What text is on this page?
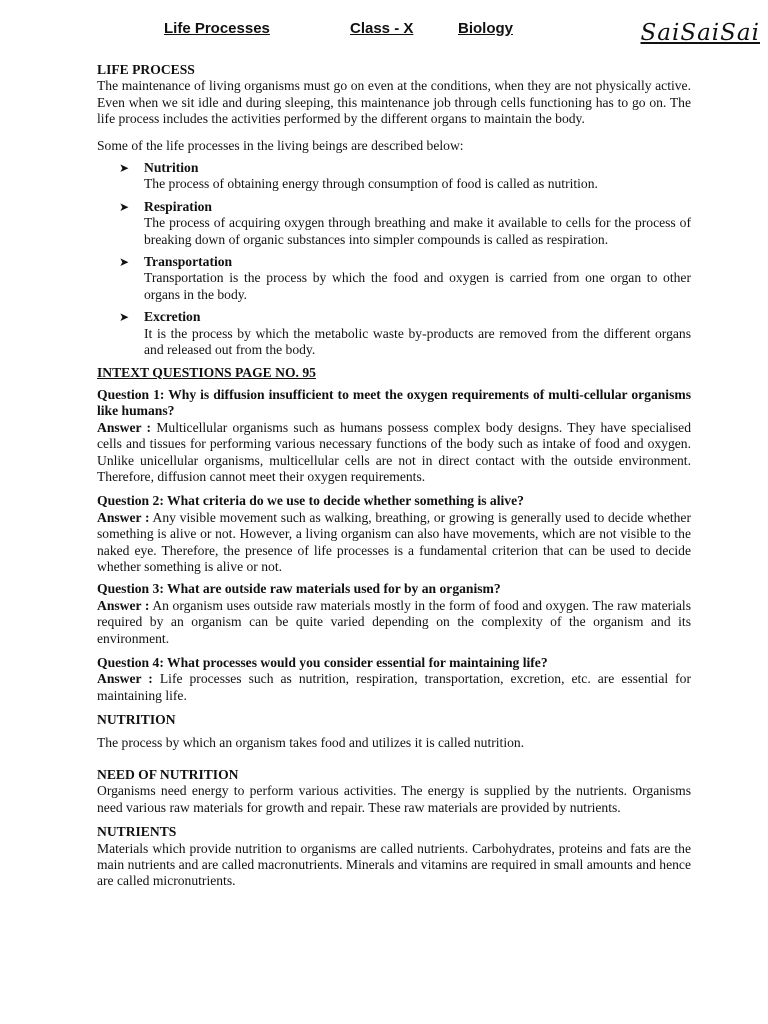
Life Processes	Class - X	Biology	SaiSaiSai

LIFE PROCESS

The maintenance of living organisms must go on even at the conditions, when they are not physically active. Even when we sit idle and during sleeping, this maintenance job through cells functioning has to go on. The life process includes the activities performed by the different organs to maintain the body.

Some of the life processes in the living beings are described below:

➤ Nutrition
The process of obtaining energy through consumption of food is called as nutrition.
➤ Respiration
The process of acquiring oxygen through breathing and make it available to cells for the process of breaking down of organic substances into simpler compounds is called as respiration.
➤ Transportation
Transportation is the process by which the food and oxygen is carried from one organ to other organs in the body.
➤ Excretion
It is the process by which the metabolic waste by-products are removed from the different organs and released out from the body.

INTEXT QUESTIONS PAGE NO. 95

Question 1: Why is diffusion insufficient to meet the oxygen requirements of multi-cellular organisms like humans?
Answer : Multicellular organisms such as humans possess complex body designs. They have specialised cells and tissues for performing various necessary functions of the body such as intake of food and oxygen. Unlike unicellular organisms, multicellular cells are not in direct contact with the outside environment. Therefore, diffusion cannot meet their oxygen requirements.

Question 2: What criteria do we use to decide whether something is alive?
Answer : Any visible movement such as walking, breathing, or growing is generally used to decide whether something is alive or not. However, a living organism can also have movements, which are not visible to the naked eye. Therefore, the presence of life processes is a fundamental criterion that can be used to decide whether something is alive or not.

Question 3: What are outside raw materials used for by an organism?
Answer : An organism uses outside raw materials mostly in the form of food and oxygen. The raw materials required by an organism can be quite varied depending on the complexity of the organism and its environment.

Question 4: What processes would you consider essential for maintaining life?
Answer : Life processes such as nutrition, respiration, transportation, excretion, etc. are essential for maintaining life.

NUTRITION

The process by which an organism takes food and utilizes it is called nutrition.

NEED OF NUTRITION

Organisms need energy to perform various activities. The energy is supplied by the nutrients. Organisms need various raw materials for growth and repair. These raw materials are provided by nutrients.

NUTRIENTS

Materials which provide nutrition to organisms are called nutrients. Carbohydrates, proteins and fats are the main nutrients and are called macronutrients. Minerals and vitamins are required in small amounts and hence are called micronutrients.
